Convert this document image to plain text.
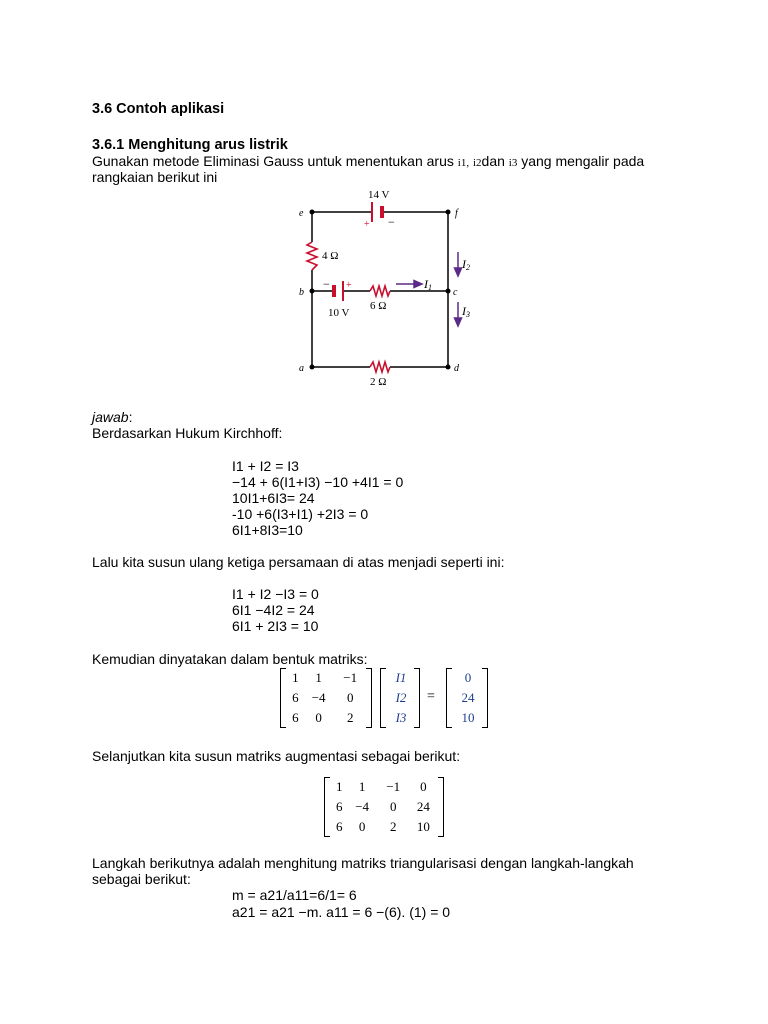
3.6 Contoh aplikasi
3.6.1 Menghitung arus listrik
Gunakan metode Eliminasi Gauss untuk menentukan arus i1, i2dan i3 yang mengalir pada
rangkaian berikut ini
14 V
+ −
4 Ω
− +
10 V
6 Ω
2 Ω
e	f
b	c
a	d
I1
I2
I3
jawab:
Berdasarkan Hukum Kirchhoff:
I1 + I2 = I3
−14 + 6(I1+I3) −10 +4I1 = 0
10I1+6I3= 24
-10 +6(I3+I1) +2I3 = 0
6I1+8I3=10
Lalu kita susun ulang ketiga persamaan di atas menjadi seperti ini:
I1 + I2 −I3 = 0
6I1 −4I2 = 24
6I1 + 2I3 = 10
Kemudian dinyatakan dalam bentuk matriks:
1	1	−1
6	−4	0
6	0	2
I1
I2
I3
=
0
24
10
Selanjutkan kita susun matriks augmentasi sebagai berikut:
1	1	−1	0
6	−4	0	24
6	0	2	10
Langkah berikutnya adalah menghitung matriks triangularisasi dengan langkah-langkah
sebagai berikut:
m = a21/a11=6/1= 6
a21 = a21 −m. a11 = 6 −(6). (1) = 0
